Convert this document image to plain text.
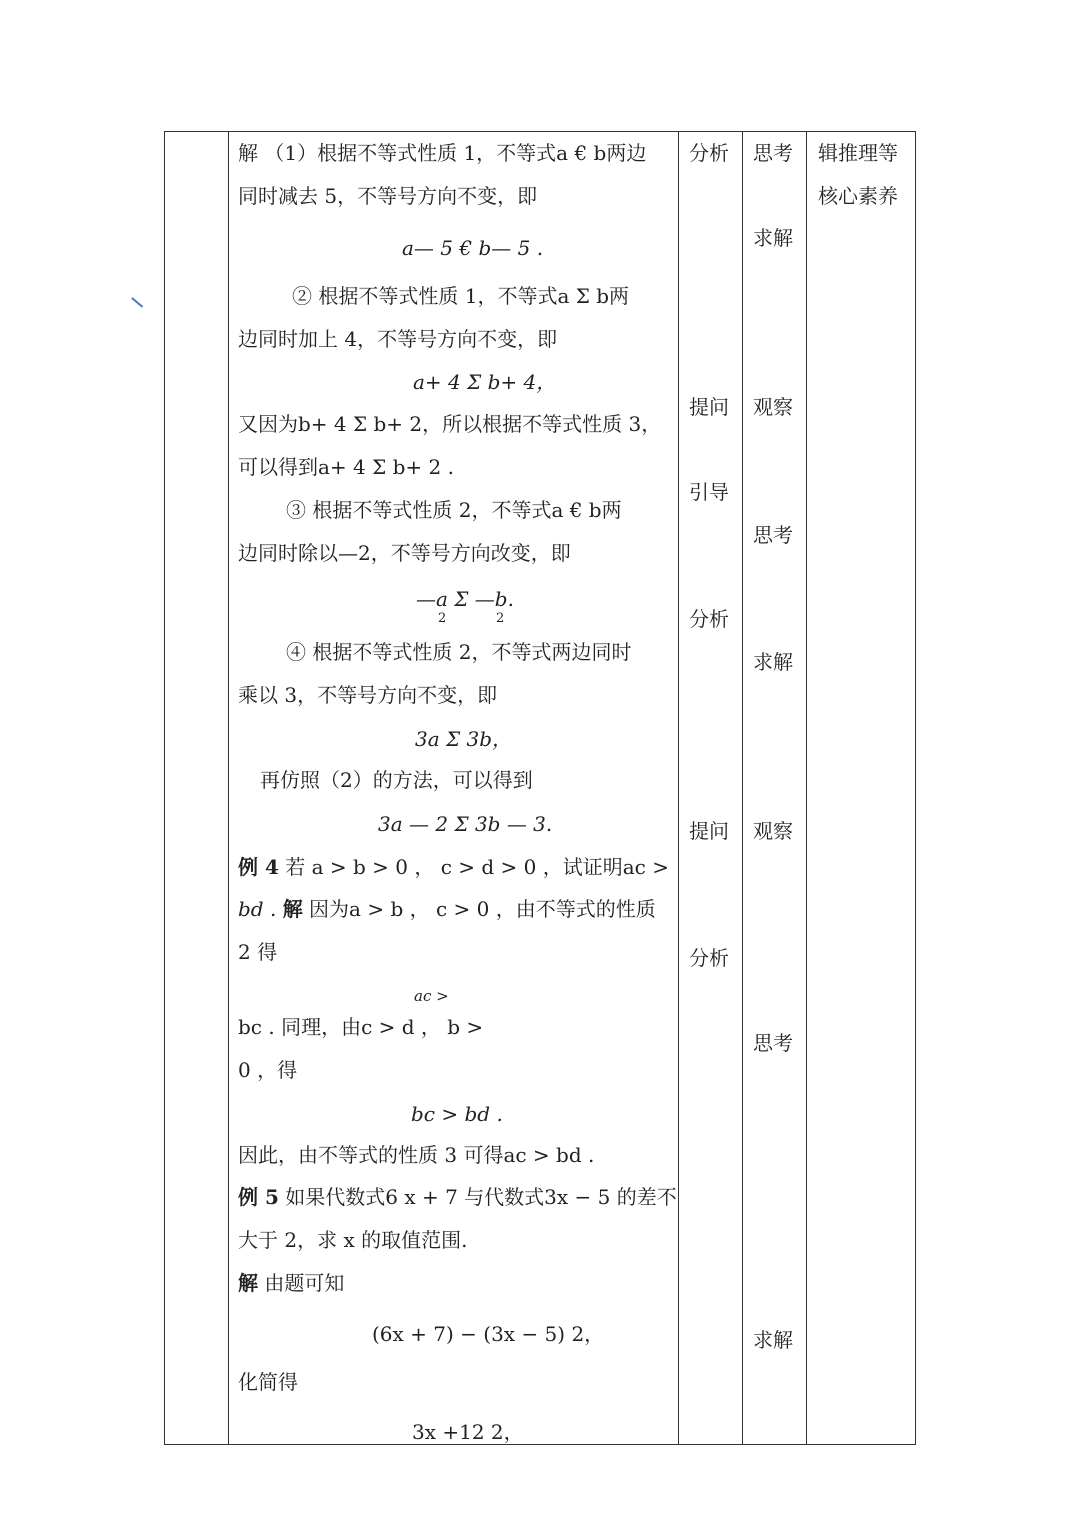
解 （1）根据不等式性质 1，不等式a € b两边
同时减去 5，不等号方向不变，即
a— 5 € b— 5 .
② 根据不等式性质 1，不等式a Σ b两
边同时加上 4，不等号方向不变，即
a+ 4 Σ b+ 4，
又因为b+ 4 Σ b+ 2，所以根据不等式性质 3，
可以得到a+ 4 Σ b+ 2 .
③ 根据不等式性质 2，不等式a € b两
边同时除以—2，不等号方向改变，即
—a Σ —b.
2	2
④ 根据不等式性质 2，不等式两边同时
乘以 3，不等号方向不变，即
3a Σ 3b，
再仿照（2）的方法，可以得到
3a — 2 Σ 3b — 3.
例 4 若 a > b > 0 ， c > d > 0 ，试证明ac >
bd . 解 因为a > b ， c > 0 ，由不等式的性质
2 得
ac >
bc . 同理，由c > d ， b >
0 ，得
bc > bd .
因此，由不等式的性质 3 可得ac > bd .
例 5 如果代数式6 x + 7 与代数式3x − 5 的差不
大于 2，求 x 的取值范围.
解 由题可知
(6x + 7) − (3x − 5) 2，
化简得
3x +12 2，
分析
提问
引导
分析
提问
分析
思考
求解
观察
思考
求解
观察
思考
求解
辑推理等
核心素养
